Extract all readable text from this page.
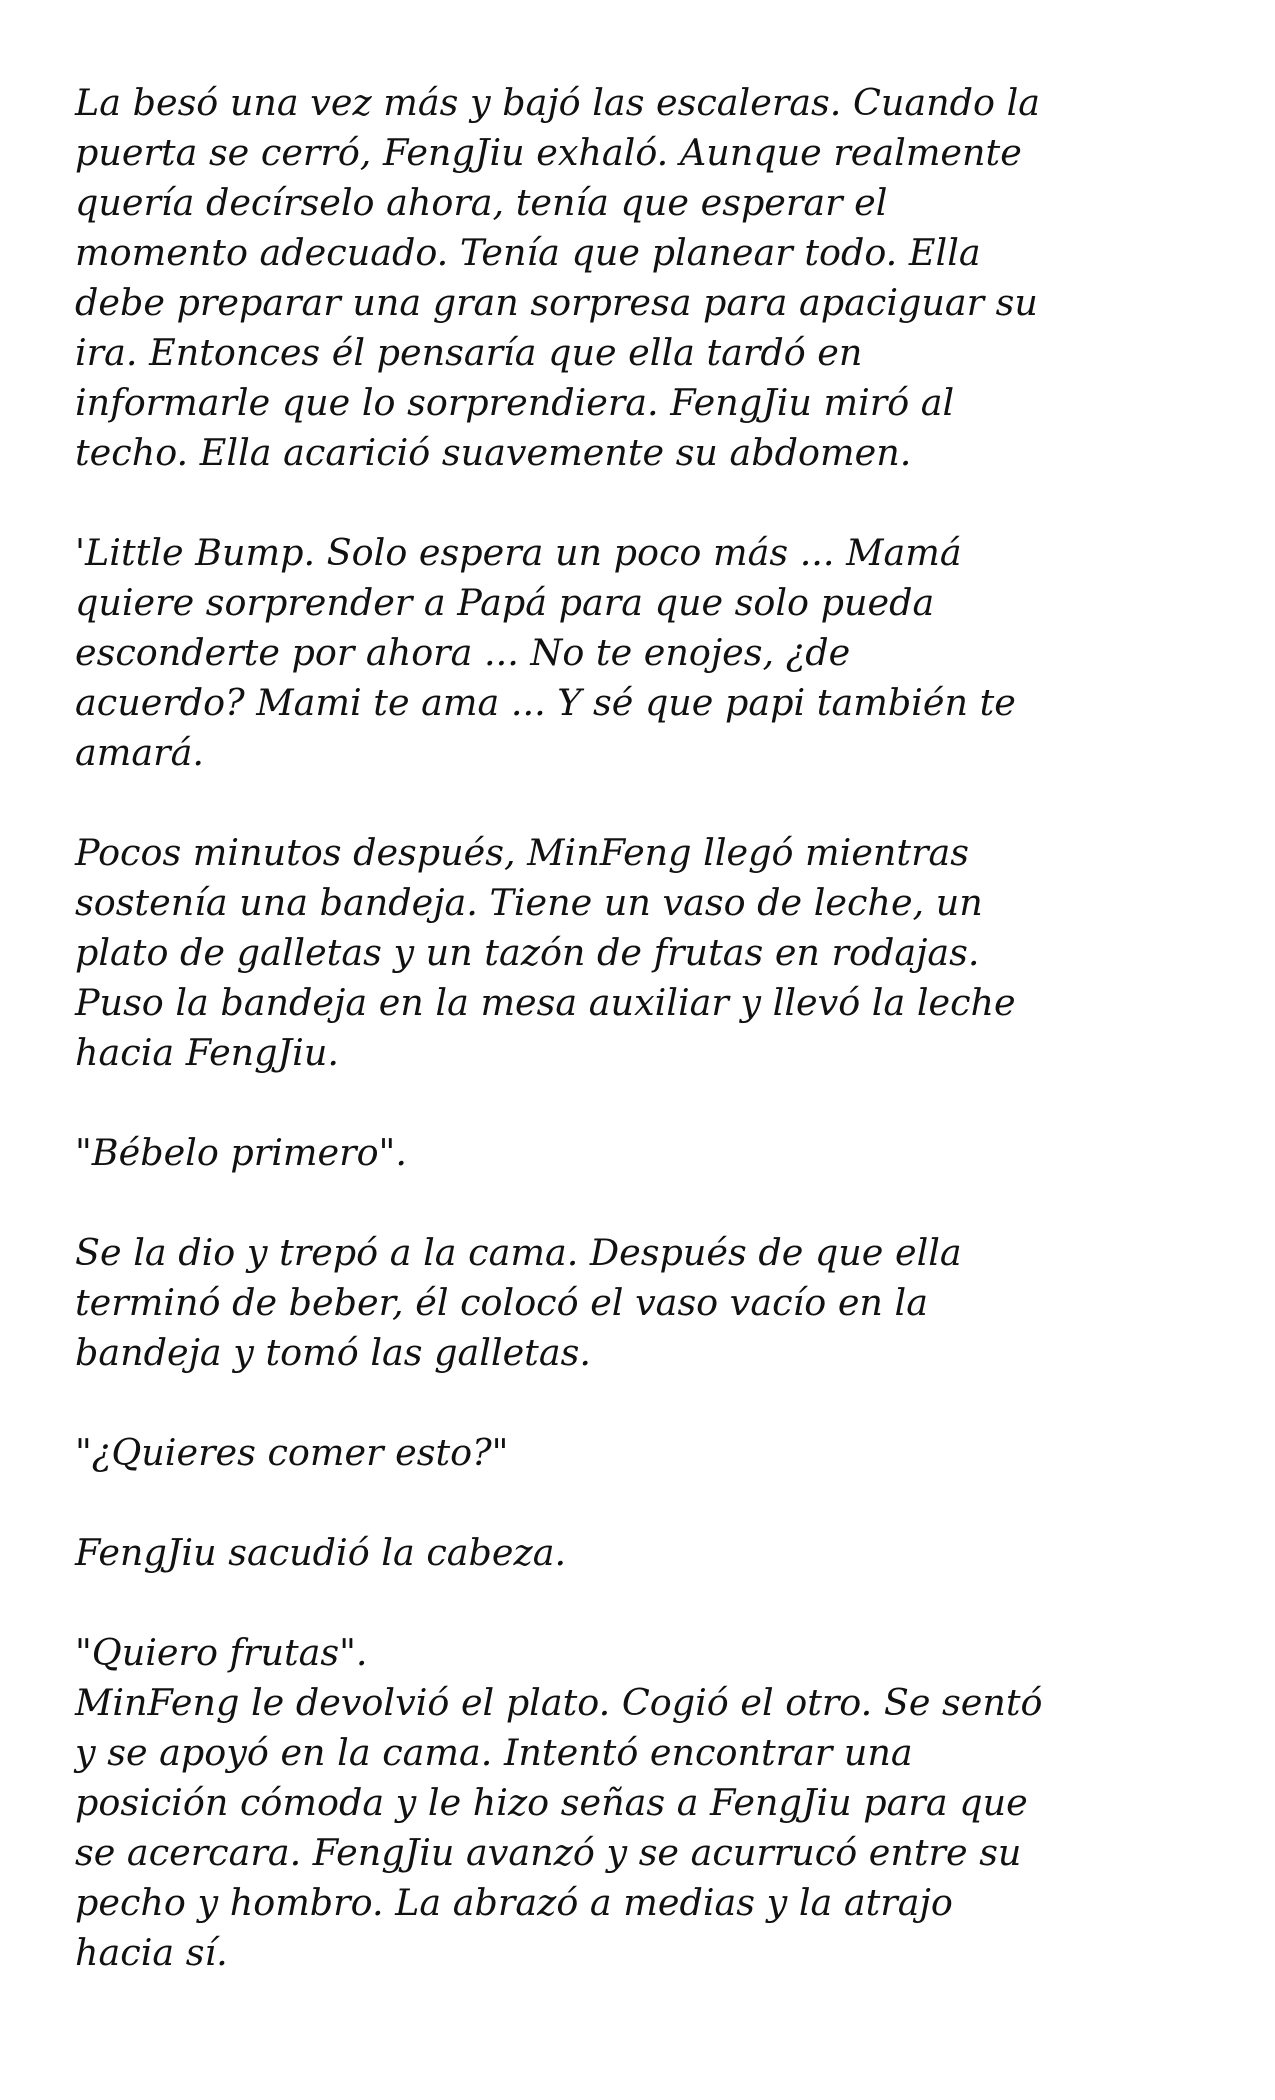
La besó una vez más y bajó las escaleras. Cuando la
puerta se cerró, FengJiu exhaló. Aunque realmente
quería decírselo ahora, tenía que esperar el
momento adecuado. Tenía que planear todo. Ella
debe preparar una gran sorpresa para apaciguar su
ira. Entonces él pensaría que ella tardó en
informarle que lo sorprendiera. FengJiu miró al
techo. Ella acarició suavemente su abdomen.

'Little Bump. Solo espera un poco más ... Mamá
quiere sorprender a Papá para que solo pueda
esconderte por ahora ... No te enojes, ¿de
acuerdo? Mami te ama ... Y sé que papi también te
amará.

Pocos minutos después, MinFeng llegó mientras
sostenía una bandeja. Tiene un vaso de leche, un
plato de galletas y un tazón de frutas en rodajas.
Puso la bandeja en la mesa auxiliar y llevó la leche
hacia FengJiu.

"Bébelo primero".

Se la dio y trepó a la cama. Después de que ella
terminó de beber, él colocó el vaso vacío en la
bandeja y tomó las galletas.

"¿Quieres comer esto?"

FengJiu sacudió la cabeza.

"Quiero frutas".

MinFeng le devolvió el plato. Cogió el otro. Se sentó
y se apoyó en la cama. Intentó encontrar una
posición cómoda y le hizo señas a FengJiu para que
se acercara. FengJiu avanzó y se acurrucó entre su
pecho y hombro. La abrazó a medias y la atrajo
hacia sí.
